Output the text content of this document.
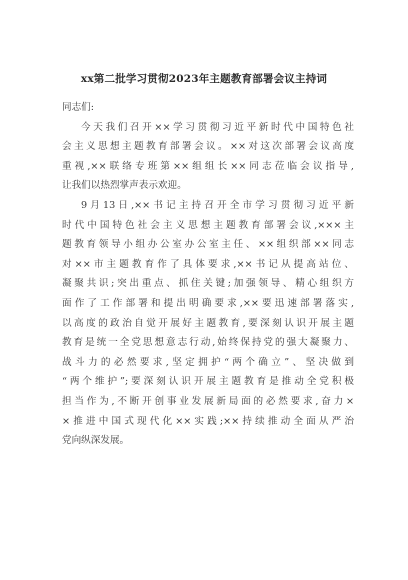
xx第二批学习贯彻2023年主题教育部署会议主持词

同志们:

今天我们召开××学习贯彻习近平新时代中国特色社
会主义思想主题教育部署会议。××对这次部署会议高度
重视,××联络专班第××组组长××同志莅临会议指导,
让我们以热烈掌声表示欢迎。

9月13日,××书记主持召开全市学习贯彻习近平新
时代中国特色社会主义思想主题教育部署会议,×××主
题教育领导小组办公室办公室主任、××组织部××同志
对××市主题教育作了具体要求,××书记从提高站位、
凝聚共识;突出重点、抓住关键;加强领导、精心组织方
面作了工作部署和提出明确要求,××要迅速部署落实,
以高度的政治自觉开展好主题教育,要深刻认识开展主题
教育是统一全党思想意志行动,始终保持党的强大凝聚力、
战斗力的必然要求,坚定拥护“两个确立”、坚决做到
“两个维护”;要深刻认识开展主题教育是推动全党积极
担当作为,不断开创事业发展新局面的必然要求,奋力×
×推进中国式现代化××实践;××持续推动全面从严治
党向纵深发展。
